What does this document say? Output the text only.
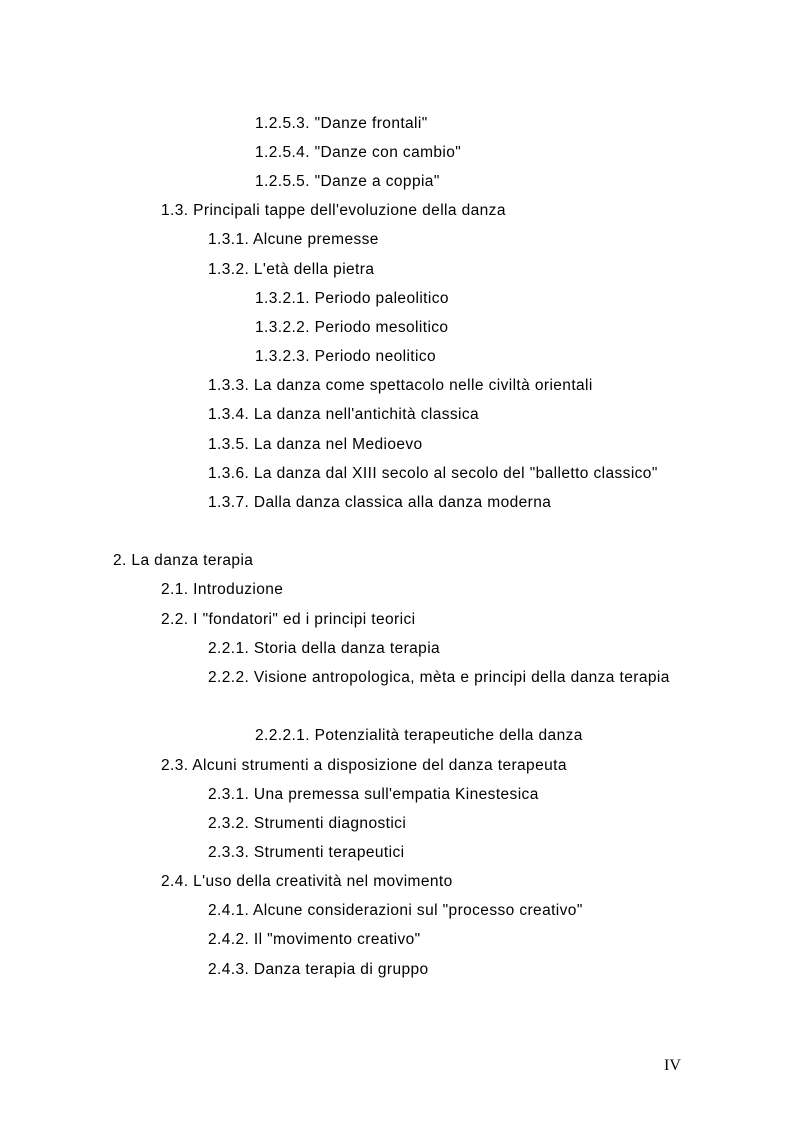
1.2.5.3. "Danze frontali"
1.2.5.4. "Danze con cambio"
1.2.5.5. "Danze a coppia"
1.3. Principali tappe dell'evoluzione della danza
1.3.1. Alcune premesse
1.3.2. L'età della pietra
1.3.2.1. Periodo paleolitico
1.3.2.2. Periodo mesolitico
1.3.2.3. Periodo neolitico
1.3.3. La danza come spettacolo nelle civiltà orientali
1.3.4. La danza nell'antichità classica
1.3.5. La danza nel Medioevo
1.3.6. La danza dal XIII secolo al secolo del "balletto classico"
1.3.7. Dalla danza classica alla danza moderna
2. La danza terapia
2.1. Introduzione
2.2. I "fondatori" ed i principi teorici
2.2.1. Storia della danza terapia
2.2.2. Visione antropologica, mèta e principi della danza terapia
2.2.2.1. Potenzialità terapeutiche della danza
2.3. Alcuni strumenti a disposizione del danza terapeuta
2.3.1. Una premessa sull'empatia Kinestesica
2.3.2. Strumenti diagnostici
2.3.3. Strumenti terapeutici
2.4. L'uso della creatività nel movimento
2.4.1. Alcune considerazioni sul "processo creativo"
2.4.2. Il "movimento creativo"
2.4.3. Danza terapia di gruppo
IV
